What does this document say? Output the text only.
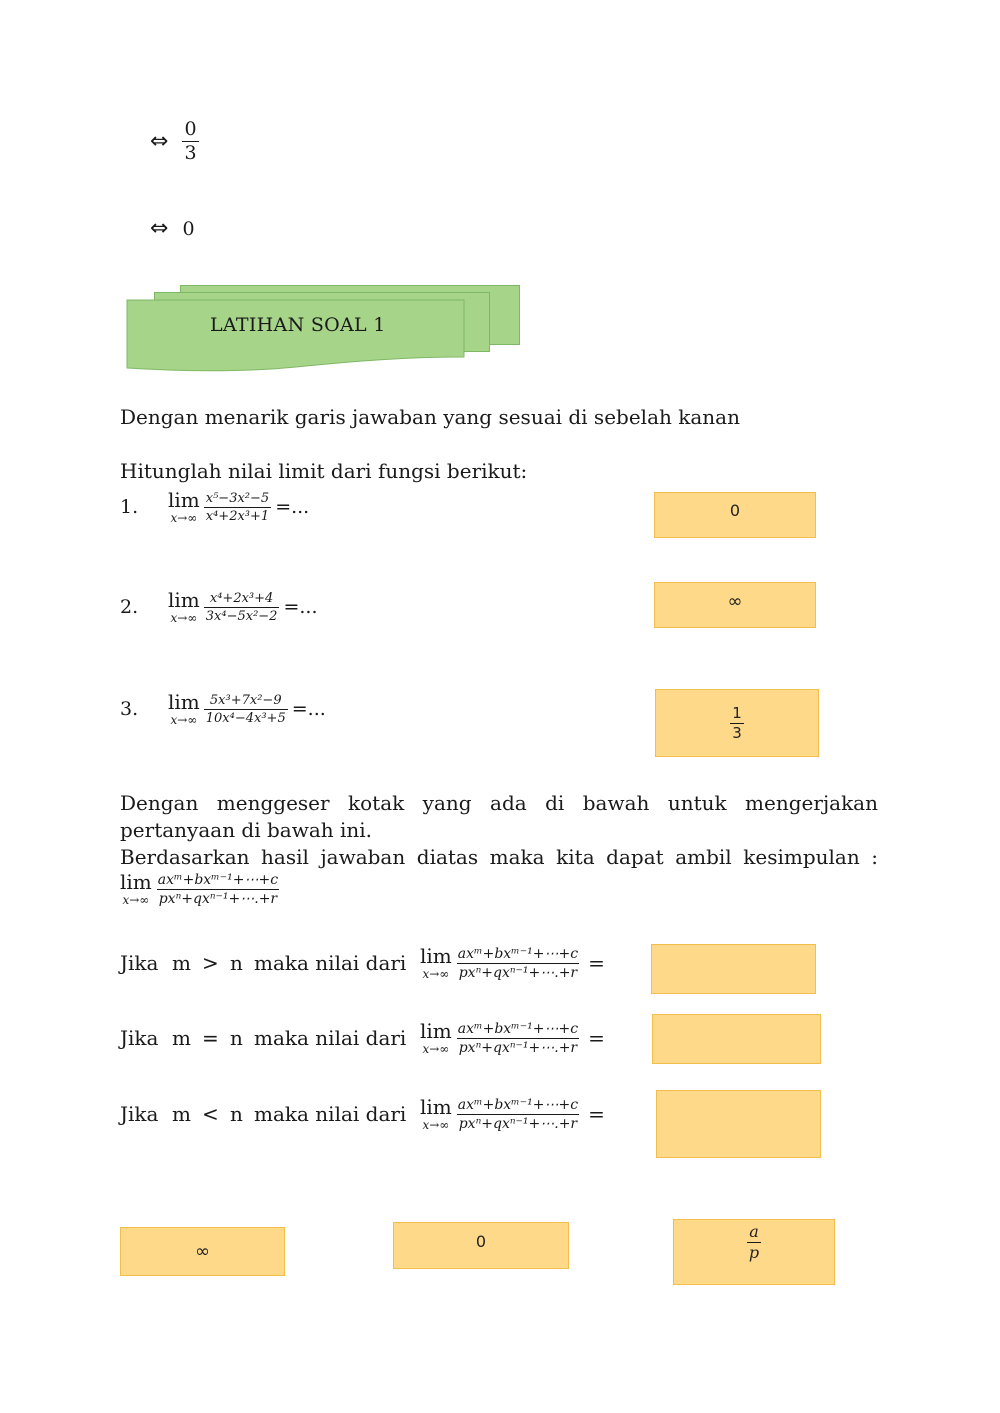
⇔ $\frac{0}{3}$
⇔ 0
LATIHAN SOAL 1
Dengan menarik garis jawaban yang sesuai di sebelah kanan
Hitunglah nilai limit dari fungsi berikut:
1.	lim
$x\to\infty \frac{\text{x⁵−3x²−5}}{\text{x⁴+2x³+1}}$ =...
2.	lim
$x\to\infty \frac{\text{x⁴+2x³+4}}{\text{3x⁴−5x²−2}}$ =...
3.	lim
$x\to\infty \frac{\text{5x³+7x²−9}}{\text{10x⁴−4x³+5}}$ =...
0
∞
$\frac{1}{3}$
Dengan menggeser kotak yang ada di bawah untuk mengerjakan pertanyaan di bawah ini.
Berdasarkan hasil jawaban diatas maka kita dapat ambil kesimpulan :
lim
$x\to\infty \frac{\text{axᵐ+bxᵐ⁻¹+⋯+c}}{\text{pxⁿ+qxⁿ⁻¹+⋯.+r}}$
Jika m > n maka nilai dari lim
$x\to\infty \frac{\text{axᵐ+bxᵐ⁻¹+⋯+c}}{\text{pxⁿ+qxⁿ⁻¹+⋯.+r}}$ =
Jika m = n maka nilai dari lim
$x\to\infty \frac{\text{axᵐ+bxᵐ⁻¹+⋯+c}}{\text{pxⁿ+qxⁿ⁻¹+⋯.+r}}$ =
Jika m < n maka nilai dari lim
$x\to\infty \frac{\text{axᵐ+bxᵐ⁻¹+⋯+c}}{\text{pxⁿ+qxⁿ⁻¹+⋯.+r}}$ =
∞	0	$\frac{a}{p}$
